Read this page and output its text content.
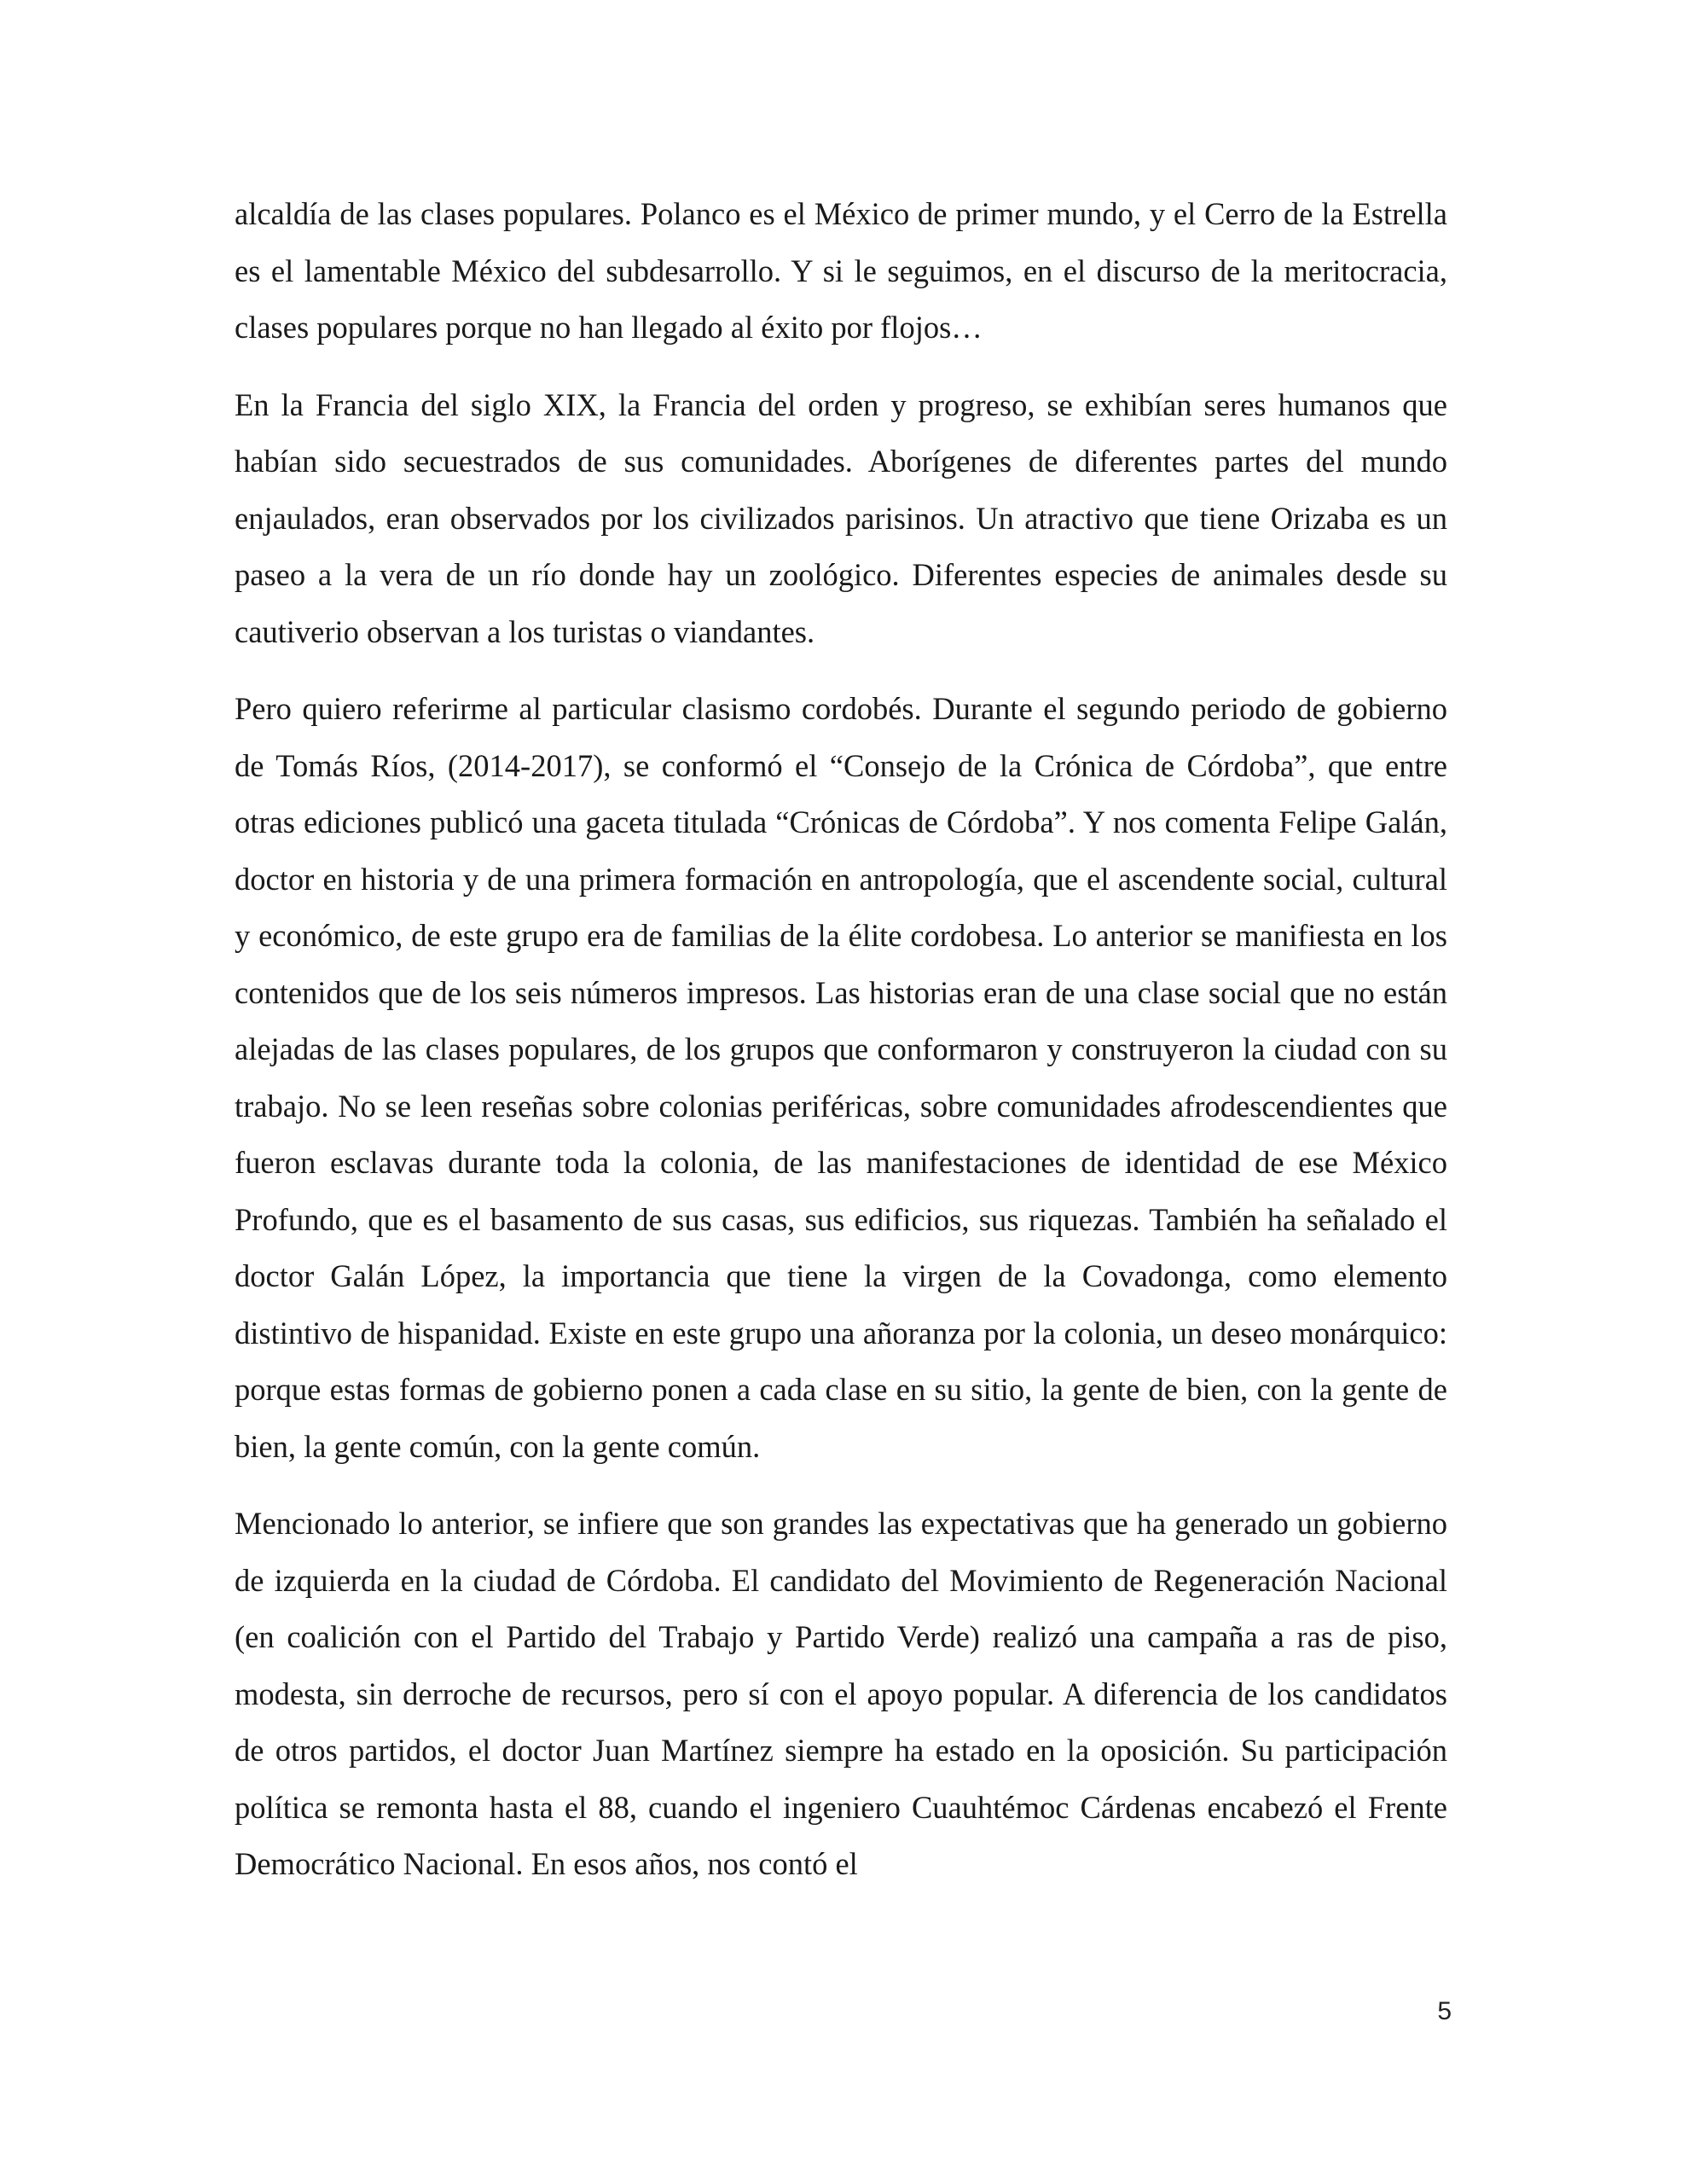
alcaldía de las clases populares. Polanco es el México de primer mundo, y el Cerro de la Estrella es el lamentable México del subdesarrollo. Y si le seguimos, en el discurso de la meritocracia, clases populares porque no han llegado al éxito por flojos…

En la Francia del siglo XIX, la Francia del orden y progreso, se exhibían seres humanos que habían sido secuestrados de sus comunidades. Aborígenes de diferentes partes del mundo enjaulados, eran observados por los civilizados parisinos. Un atractivo que tiene Orizaba es un paseo a la vera de un río donde hay un zoológico. Diferentes especies de animales desde su cautiverio observan a los turistas o viandantes.

Pero quiero referirme al particular clasismo cordobés. Durante el segundo periodo de gobierno de Tomás Ríos, (2014-2017), se conformó el “Consejo de la Crónica de Córdoba”, que entre otras ediciones publicó una gaceta titulada “Crónicas de Córdoba”. Y nos comenta Felipe Galán, doctor en historia y de una primera formación en antropología, que el ascendente social, cultural y económico, de este grupo era de familias de la élite cordobesa. Lo anterior se manifiesta en los contenidos que de los seis números impresos. Las historias eran de una clase social que no están alejadas de las clases populares, de los grupos que conformaron y construyeron la ciudad con su trabajo. No se leen reseñas sobre colonias periféricas, sobre comunidades afrodescendientes que fueron esclavas durante toda la colonia, de las manifestaciones de identidad de ese México Profundo, que es el basamento de sus casas, sus edificios, sus riquezas. También ha señalado el doctor Galán López, la importancia que tiene la virgen de la Covadonga, como elemento distintivo de hispanidad. Existe en este grupo una añoranza por la colonia, un deseo monárquico: porque estas formas de gobierno ponen a cada clase en su sitio, la gente de bien, con la gente de bien, la gente común, con la gente común.

Mencionado lo anterior, se infiere que son grandes las expectativas que ha generado un gobierno de izquierda en la ciudad de Córdoba. El candidato del Movimiento de Regeneración Nacional (en coalición con el Partido del Trabajo y Partido Verde) realizó una campaña a ras de piso, modesta, sin derroche de recursos, pero sí con el apoyo popular. A diferencia de los candidatos de otros partidos, el doctor Juan Martínez siempre ha estado en la oposición. Su participación política se remonta hasta el 88, cuando el ingeniero Cuauhtémoc Cárdenas encabezó el Frente Democrático Nacional. En esos años, nos contó el

5
